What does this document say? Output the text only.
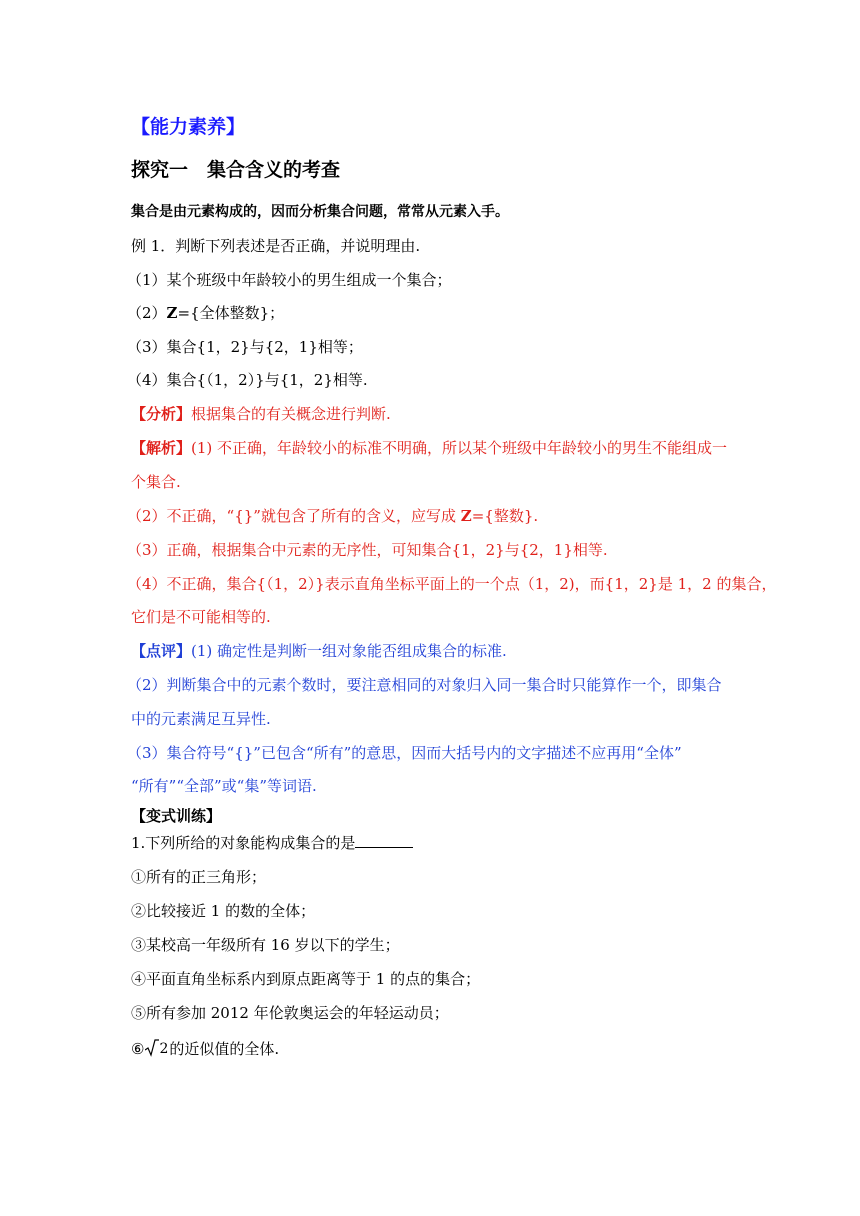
【能力素养】
探究一　集合含义的考查
集合是由元素构成的，因而分析集合问题，常常从元素入手。
例 1．判断下列表述是否正确，并说明理由.
（1）某个班级中年龄较小的男生组成一个集合；
（2）Z={全体整数}；
（3）集合{1，2}与{2，1}相等；
（4）集合{（1，2）}与{1，2}相等.
【分析】根据集合的有关概念进行判断.
【解析】(1) 不正确，年龄较小的标准不明确，所以某个班级中年龄较小的男生不能组成一
个集合.
（2）不正确，“{}”就包含了所有的含义，应写成 Z={整数}.
（3）正确，根据集合中元素的无序性，可知集合{1，2}与{2，1}相等.
（4）不正确，集合{（1，2）}表示直角坐标平面上的一个点（1，2)，而{1，2}是 1，2 的集合，
它们是不可能相等的.
【点评】(1) 确定性是判断一组对象能否组成集合的标准.
（2）判断集合中的元素个数时，要注意相同的对象归入同一集合时只能算作一个，即集合
中的元素满足互异性.
（3）集合符号“{}”已包含“所有”的意思，因而大括号内的文字描述不应再用“全体”
“所有”“全部”或“集”等词语.
【变式训练】
1.下列所给的对象能构成集合的是
①所有的正三角形；
②比较接近 1 的数的全体；
③某校高一年级所有 16 岁以下的学生；
④平面直角坐标系内到原点距离等于 1 的点的集合；
⑤所有参加 2012 年伦敦奥运会的年轻运动员；
⑥ 2的近似值的全体.
